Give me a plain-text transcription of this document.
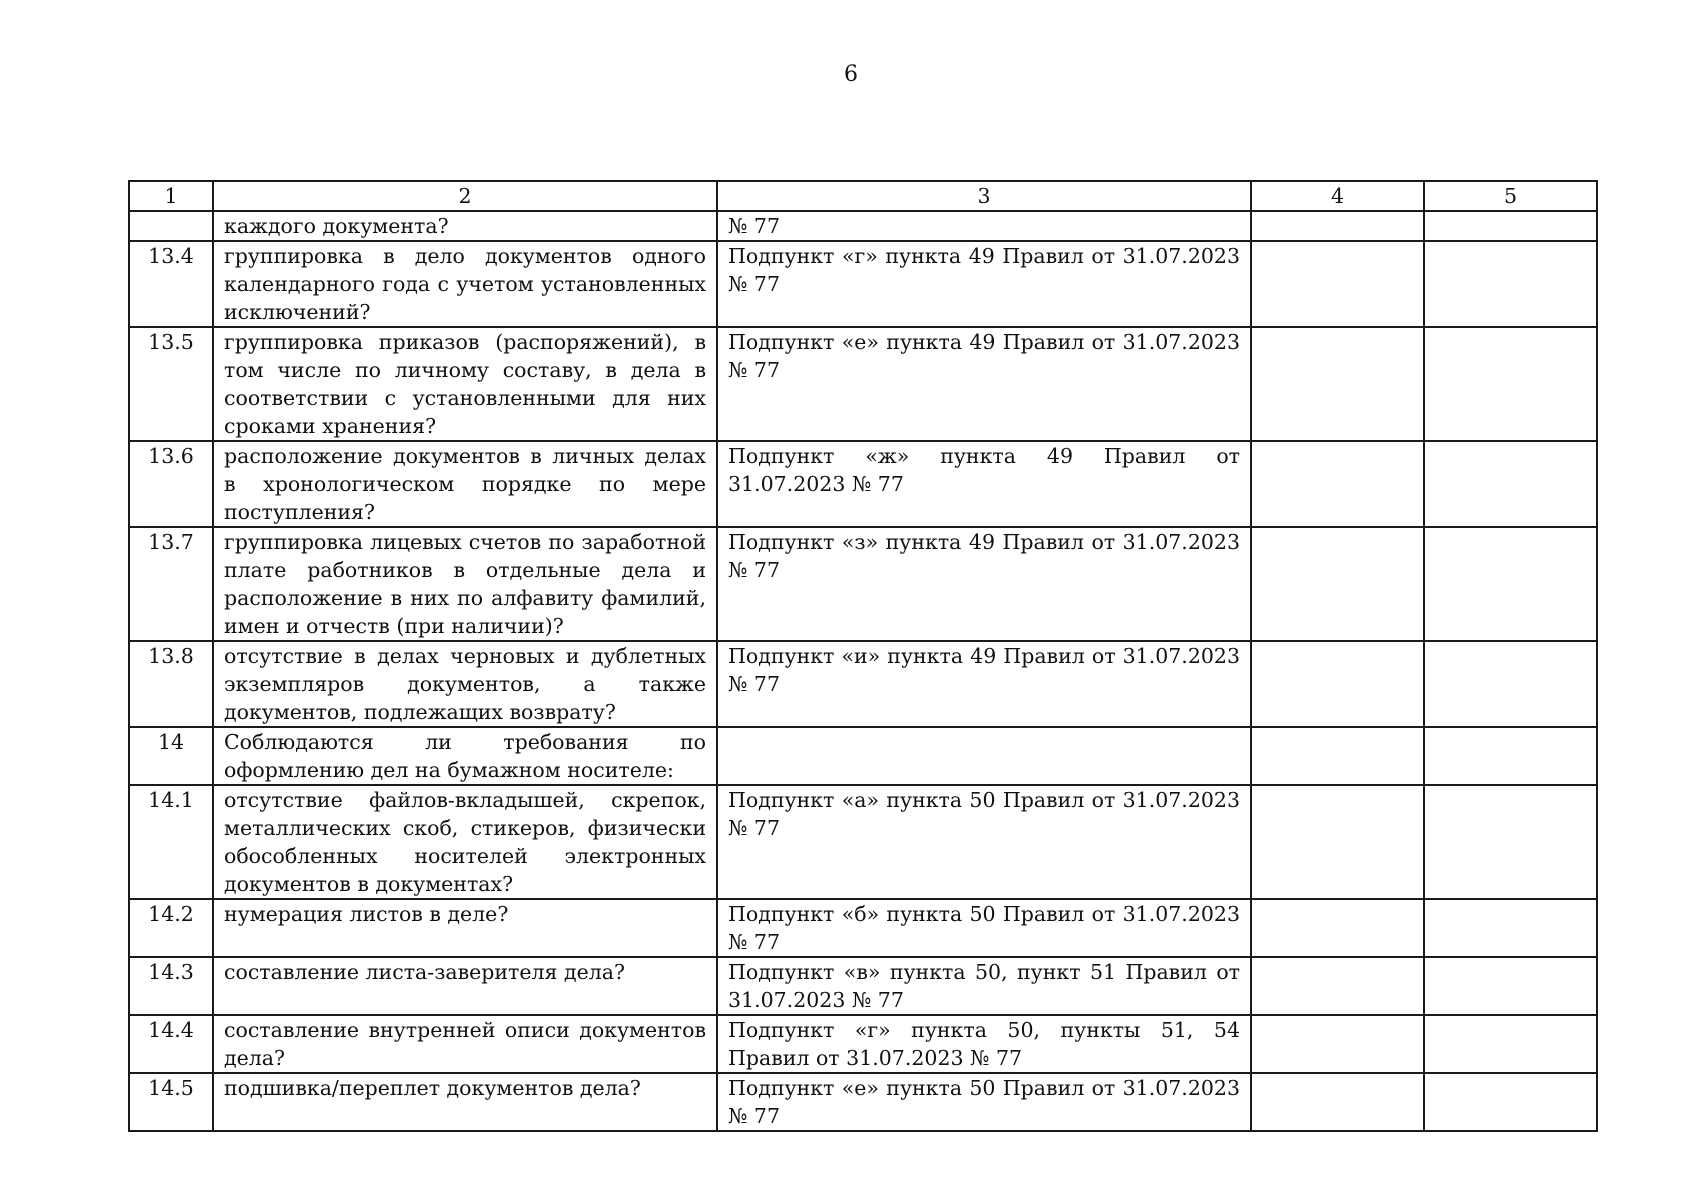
6
1	2	3	4	5
	каждого документа?	№ 77		
13.4	группировка в дело документов одного календарного года с учетом установленных исключений?	Подпункт «г» пункта 49 Правил от 31.07.2023 № 77		
13.5	группировка приказов (распоряжений), в том числе по личному составу, в дела в соответствии с установленными для них сроками хранения?	Подпункт «е» пункта 49 Правил от 31.07.2023 № 77		
13.6	расположение документов в личных делах в хронологическом порядке по мере поступления?	Подпункт «ж» пункта 49 Правил от 31.07.2023 № 77		
13.7	группировка лицевых счетов по заработной плате работников в отдельные дела и расположение в них по алфавиту фамилий, имен и отчеств (при наличии)?	Подпункт «з» пункта 49 Правил от 31.07.2023 № 77		
13.8	отсутствие в делах черновых и дублетных экземпляров документов, а также документов, подлежащих возврату?	Подпункт «и» пункта 49 Правил от 31.07.2023 № 77		
14	Соблюдаются ли требования по оформлению дел на бумажном носителе:			
14.1	отсутствие файлов-вкладышей, скрепок, металлических скоб, стикеров, физически обособленных носителей электронных документов в документах?	Подпункт «а» пункта 50 Правил от 31.07.2023 № 77		
14.2	нумерация листов в деле?	Подпункт «б» пункта 50 Правил от 31.07.2023 № 77		
14.3	составление листа-заверителя дела?	Подпункт «в» пункта 50, пункт 51 Правил от 31.07.2023 № 77		
14.4	составление внутренней описи документов дела?	Подпункт «г» пункта 50, пункты 51, 54 Правил от 31.07.2023 № 77		
14.5	подшивка/переплет документов дела?	Подпункт «е» пункта 50 Правил от 31.07.2023 № 77		
